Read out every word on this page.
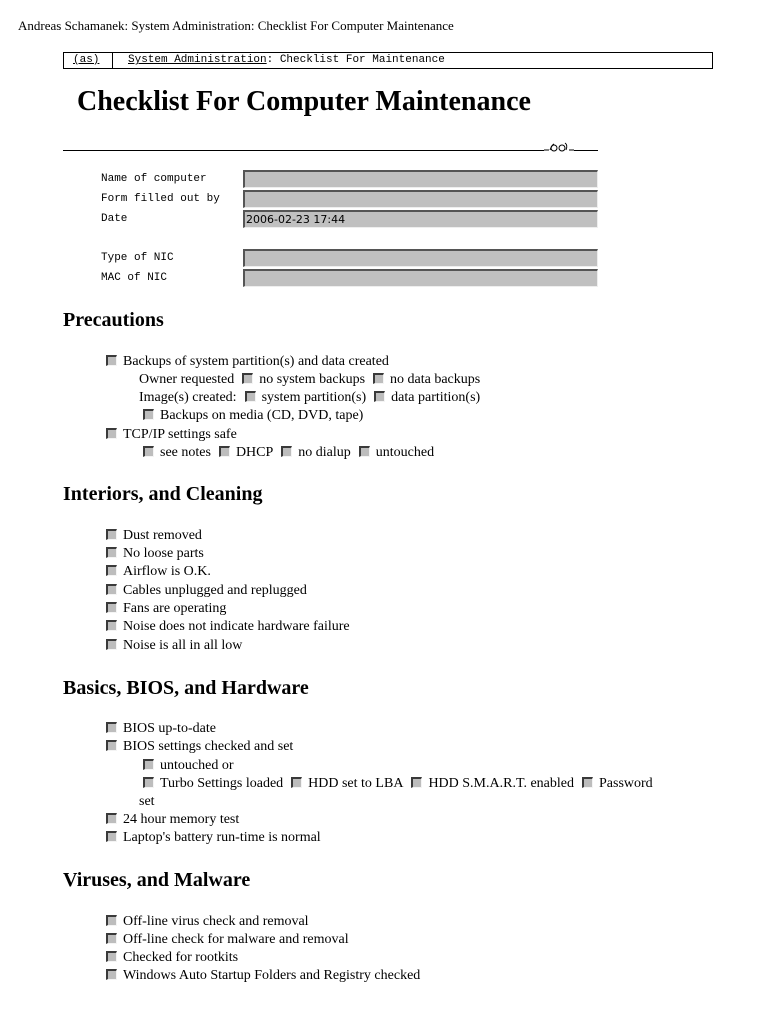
Andreas Schamanek: System Administration: Checklist For Computer Maintenance
(as)	System Administration: Checklist For Maintenance
Checklist For Computer Maintenance
Name of computer
Form filled out by
Date	2006-02-23 17:44
Type of NIC
MAC of NIC
Precautions
Backups of system partition(s) and data created
Owner requested no system backups no data backups
Image(s) created: system partition(s) data partition(s)
Backups on media (CD, DVD, tape)
TCP/IP settings safe
see notes DHCP no dialup untouched
Interiors, and Cleaning
Dust removed
No loose parts
Airflow is O.K.
Cables unplugged and replugged
Fans are operating
Noise does not indicate hardware failure
Noise is all in all low
Basics, BIOS, and Hardware
BIOS up-to-date
BIOS settings checked and set
untouched or
Turbo Settings loaded HDD set to LBA HDD S.M.A.R.T. enabled Password
set
24 hour memory test
Laptop's battery run-time is normal
Viruses, and Malware
Off-line virus check and removal
Off-line check for malware and removal
Checked for rootkits
Windows Auto Startup Folders and Registry checked
